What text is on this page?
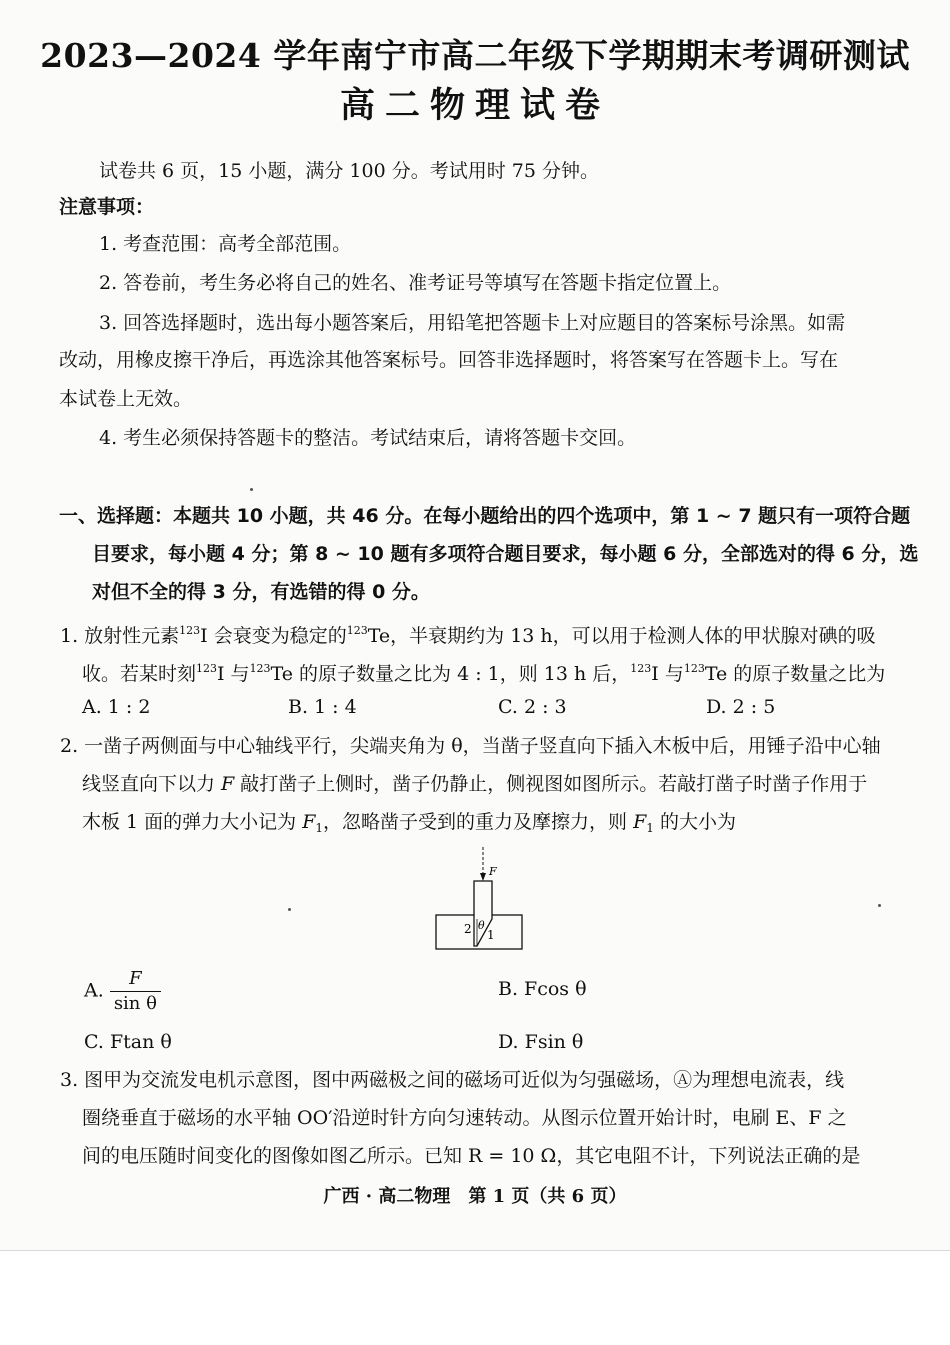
2023—2024 学年南宁市高二年级下学期期末考调研测试
高二物理试卷
试卷共 6 页，15 小题，满分 100 分。考试用时 75 分钟。
注意事项：
1. 考查范围：高考全部范围。
2. 答卷前，考生务必将自己的姓名、准考证号等填写在答题卡指定位置上。
3. 回答选择题时，选出每小题答案后，用铅笔把答题卡上对应题目的答案标号涂黑。如需
改动，用橡皮擦干净后，再选涂其他答案标号。回答非选择题时，将答案写在答题卡上。写在
本试卷上无效。
4. 考生必须保持答题卡的整洁。考试结束后，请将答题卡交回。
一、选择题：本题共 10 小题，共 46 分。在每小题给出的四个选项中，第 1 ~ 7 题只有一项符合题
目要求，每小题 4 分；第 8 ~ 10 题有多项符合题目要求，每小题 6 分，全部选对的得 6 分，选
对但不全的得 3 分，有选错的得 0 分。
1. 放射性元素$^{123}$I 会衰变为稳定的$^{123}$Te，半衰期约为 13 h，可以用于检测人体的甲状腺对碘的吸
收。若某时刻$^{123}$I 与$^{123}$Te 的原子数量之比为 4 : 1，则 13 h 后，$^{123}$I 与$^{123}$Te 的原子数量之比为
A. 1 : 2	B. 1 : 4	C. 2 : 3	D. 2 : 5
2. 一凿子两侧面与中心轴线平行，尖端夹角为 θ，当凿子竖直向下插入木板中后，用锤子沿中心轴
线竖直向下以力 F 敲打凿子上侧时，凿子仍静止，侧视图如图所示。若敲打凿子时凿子作用于
木板 1 面的弹力大小记为 $F_1$，忽略凿子受到的重力及摩擦力，则 $F_1$ 的大小为
F
θ
2 1
A. $\frac{F}{\text{sin θ}}$	B. Fcos θ
C. Ftan θ	D. Fsin θ
3. 图甲为交流发电机示意图，图中两磁极之间的磁场可近似为匀强磁场，Ⓐ为理想电流表，线
圈绕垂直于磁场的水平轴 OO′沿逆时针方向匀速转动。从图示位置开始计时，电刷 E、F 之
间的电压随时间变化的图像如图乙所示。已知 R = 10 Ω，其它电阻不计，下列说法正确的是
广西 · 高二物理　第 1 页（共 6 页）
